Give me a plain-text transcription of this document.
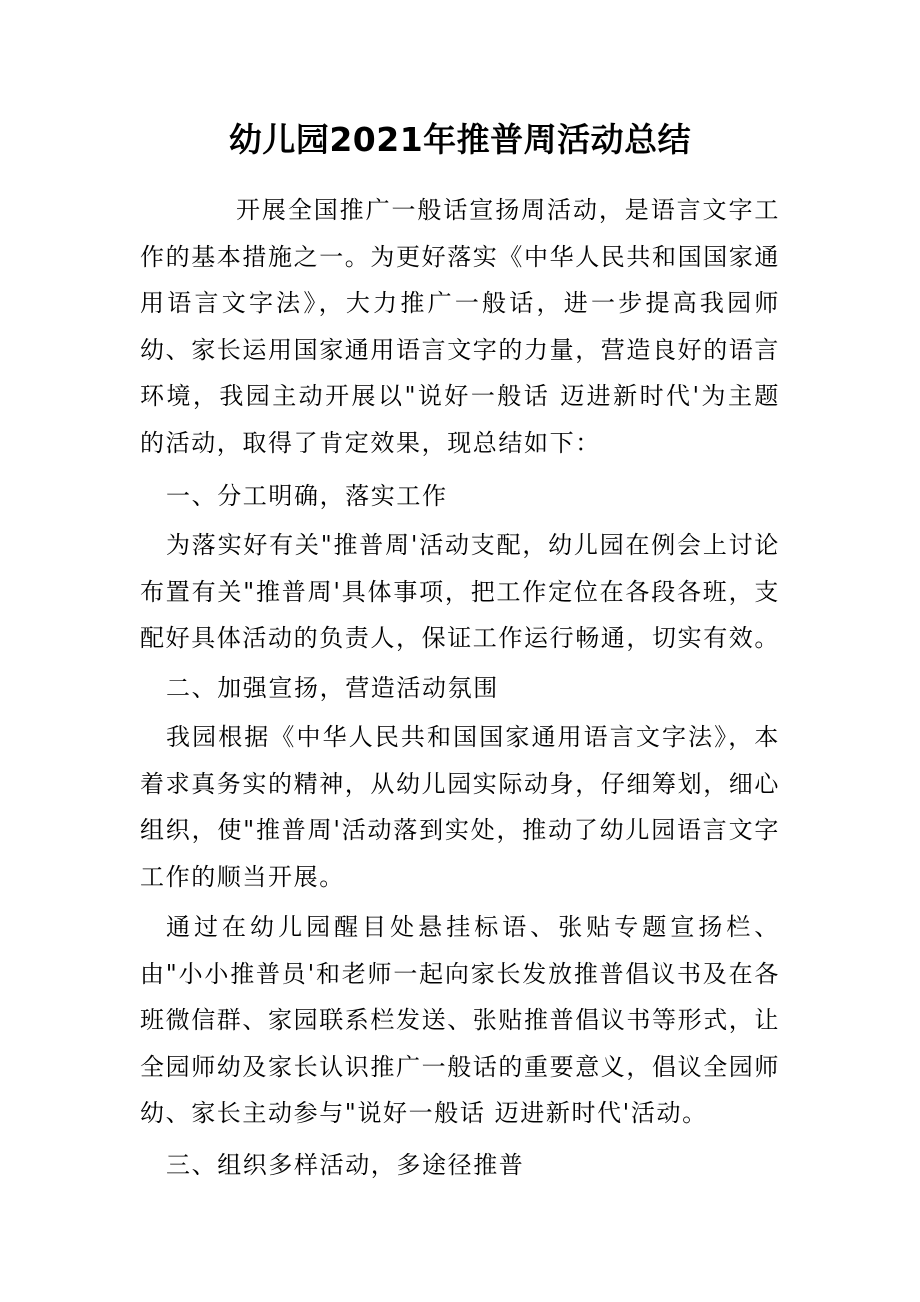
幼儿园2021年推普周活动总结

开展全国推广一般话宣扬周活动，是语言文字工作的基本措施之一。为更好落实《中华人民共和国国家通用语言文字法》，大力推广一般话，进一步提高我园师幼、家长运用国家通用语言文字的力量，营造良好的语言环境，我园主动开展以"说好一般话 迈进新时代'为主题的活动，取得了肯定效果，现总结如下：

一、分工明确，落实工作

为落实好有关"推普周'活动支配，幼儿园在例会上讨论布置有关"推普周'具体事项，把工作定位在各段各班，支配好具体活动的负责人，保证工作运行畅通，切实有效。

二、加强宣扬，营造活动氛围

我园根据《中华人民共和国国家通用语言文字法》，本着求真务实的精神，从幼儿园实际动身，仔细筹划，细心组织，使"推普周'活动落到实处，推动了幼儿园语言文字工作的顺当开展。

通过在幼儿园醒目处悬挂标语、张贴专题宣扬栏、由"小小推普员'和老师一起向家长发放推普倡议书及在各班微信群、家园联系栏发送、张贴推普倡议书等形式，让全园师幼及家长认识推广一般话的重要意义，倡议全园师幼、家长主动参与"说好一般话 迈进新时代'活动。

三、组织多样活动，多途径推普
